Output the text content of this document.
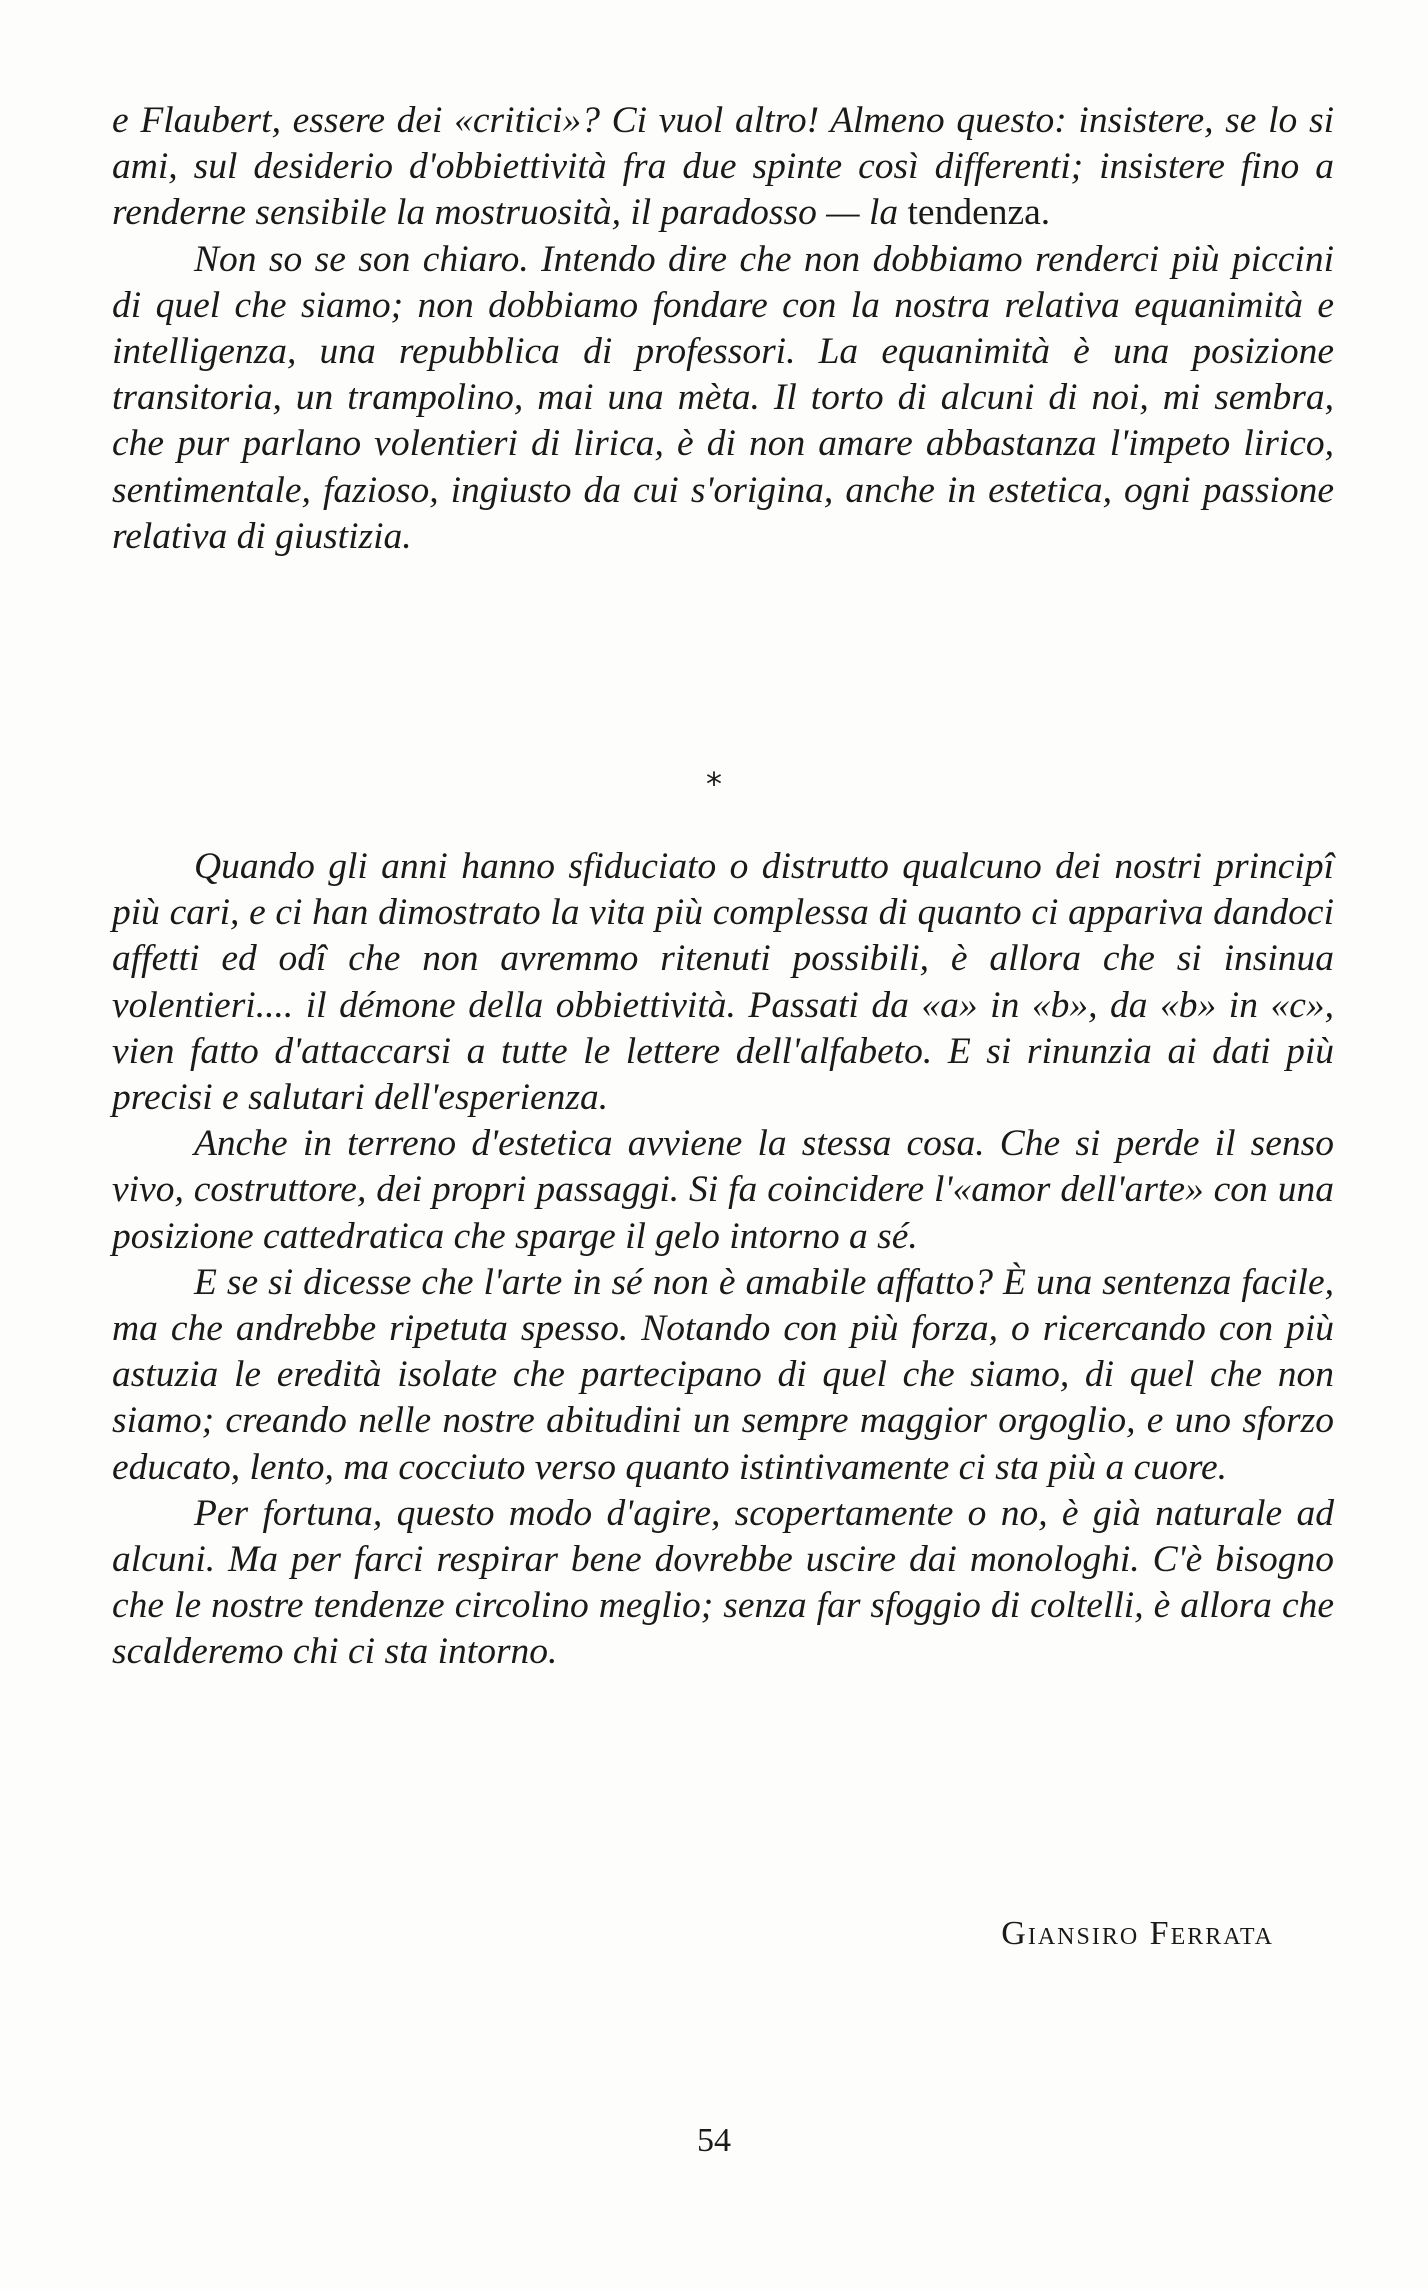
e Flaubert, essere dei «critici»? Ci vuol altro! Almeno questo: insistere, se lo si ami, sul desiderio d'obbiettività fra due spinte così differenti; insistere fino a renderne sensibile la mostruosità, il paradosso — la tendenza.

Non so se son chiaro. Intendo dire che non dobbiamo renderci più piccini di quel che siamo; non dobbiamo fondare con la nostra relativa equanimità e intelligenza, una repubblica di professori. La equanimità è una posizione transitoria, un trampolino, mai una mèta. Il torto di alcuni di noi, mi sembra, che pur parlano volentieri di lirica, è di non amare abbastanza l'impeto lirico, sentimentale, fazioso, ingiusto da cui s'origina, anche in estetica, ogni passione relativa di giustizia.

*

Quando gli anni hanno sfiduciato o distrutto qualcuno dei nostri principî più cari, e ci han dimostrato la vita più complessa di quanto ci appariva dandoci affetti ed odî che non avremmo ritenuti possibili, è allora che si insinua volentieri.... il démone della obbiettività. Passati da «a» in «b», da «b» in «c», vien fatto d'attaccarsi a tutte le lettere dell'alfabeto. E si rinunzia ai dati più precisi e salutari dell'esperienza.

Anche in terreno d'estetica avviene la stessa cosa. Che si perde il senso vivo, costruttore, dei propri passaggi. Si fa coincidere l'«amor dell'arte» con una posizione cattedratica che sparge il gelo intorno a sé.

E se si dicesse che l'arte in sé non è amabile affatto? È una sentenza facile, ma che andrebbe ripetuta spesso. Notando con più forza, o ricercando con più astuzia le eredità isolate che partecipano di quel che siamo, di quel che non siamo; creando nelle nostre abitudini un sempre maggior orgoglio, e uno sforzo educato, lento, ma cocciuto verso quanto istintivamente ci sta più a cuore.

Per fortuna, questo modo d'agire, scopertamente o no, è già naturale ad alcuni. Ma per farci respirar bene dovrebbe uscire dai monologhi. C'è bisogno che le nostre tendenze circolino meglio; senza far sfoggio di coltelli, è allora che scalderemo chi ci sta intorno.

Giansiro Ferrata
54
